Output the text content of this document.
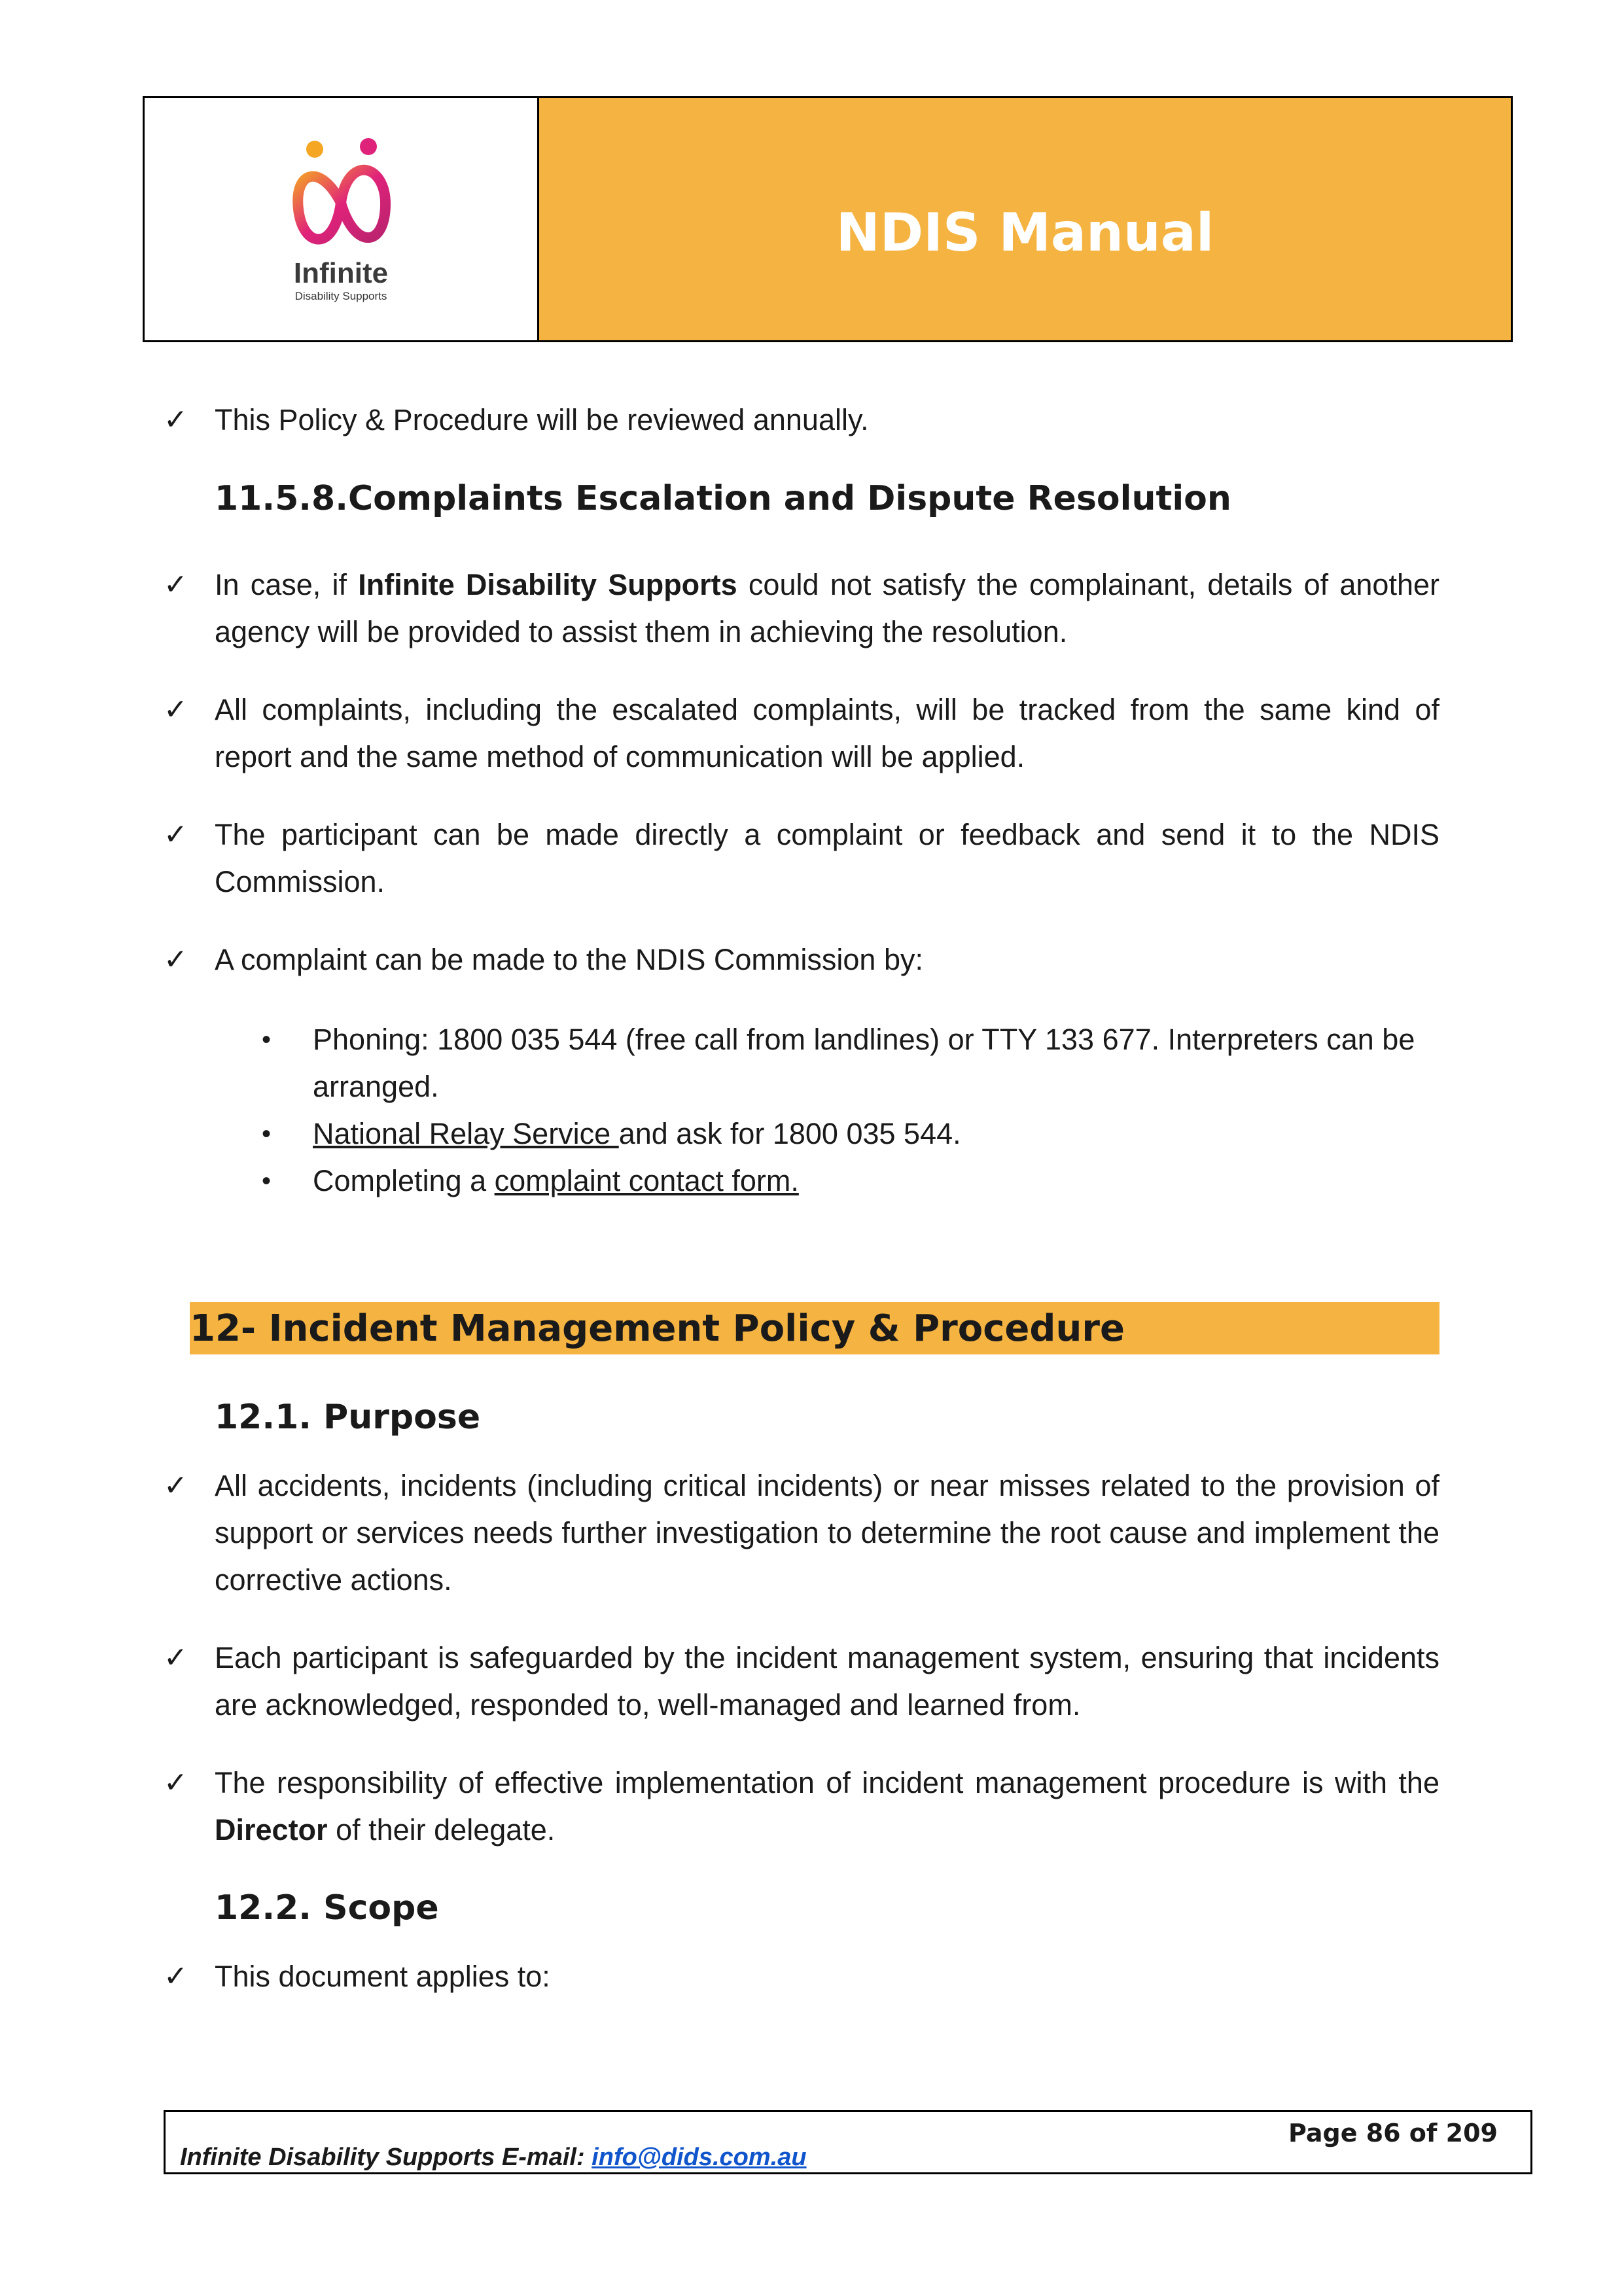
Infinite
Disability Supports
NDIS Manual
✓ This Policy & Procedure will be reviewed annually.
11.5.8.Complaints Escalation and Dispute Resolution
✓ In case, if Infinite Disability Supports could not satisfy the complainant, details of another agency will be provided to assist them in achieving the resolution.
✓ All complaints, including the escalated complaints, will be tracked from the same kind of report and the same method of communication will be applied.
✓ The participant can be made directly a complaint or feedback and send it to the NDIS Commission.
✓ A complaint can be made to the NDIS Commission by:
• Phoning: 1800 035 544 (free call from landlines) or TTY 133 677. Interpreters can be arranged.
• National Relay Service and ask for 1800 035 544.
• Completing a complaint contact form.
12- Incident Management Policy & Procedure
12.1. Purpose
✓ All accidents, incidents (including critical incidents) or near misses related to the provision of support or services needs further investigation to determine the root cause and implement the corrective actions.
✓ Each participant is safeguarded by the incident management system, ensuring that incidents are acknowledged, responded to, well-managed and learned from.
✓ The responsibility of effective implementation of incident management procedure is with the Director of their delegate.
12.2. Scope
✓ This document applies to:
Infinite Disability Supports E-mail: info@dids.com.au
Page 86 of 209
